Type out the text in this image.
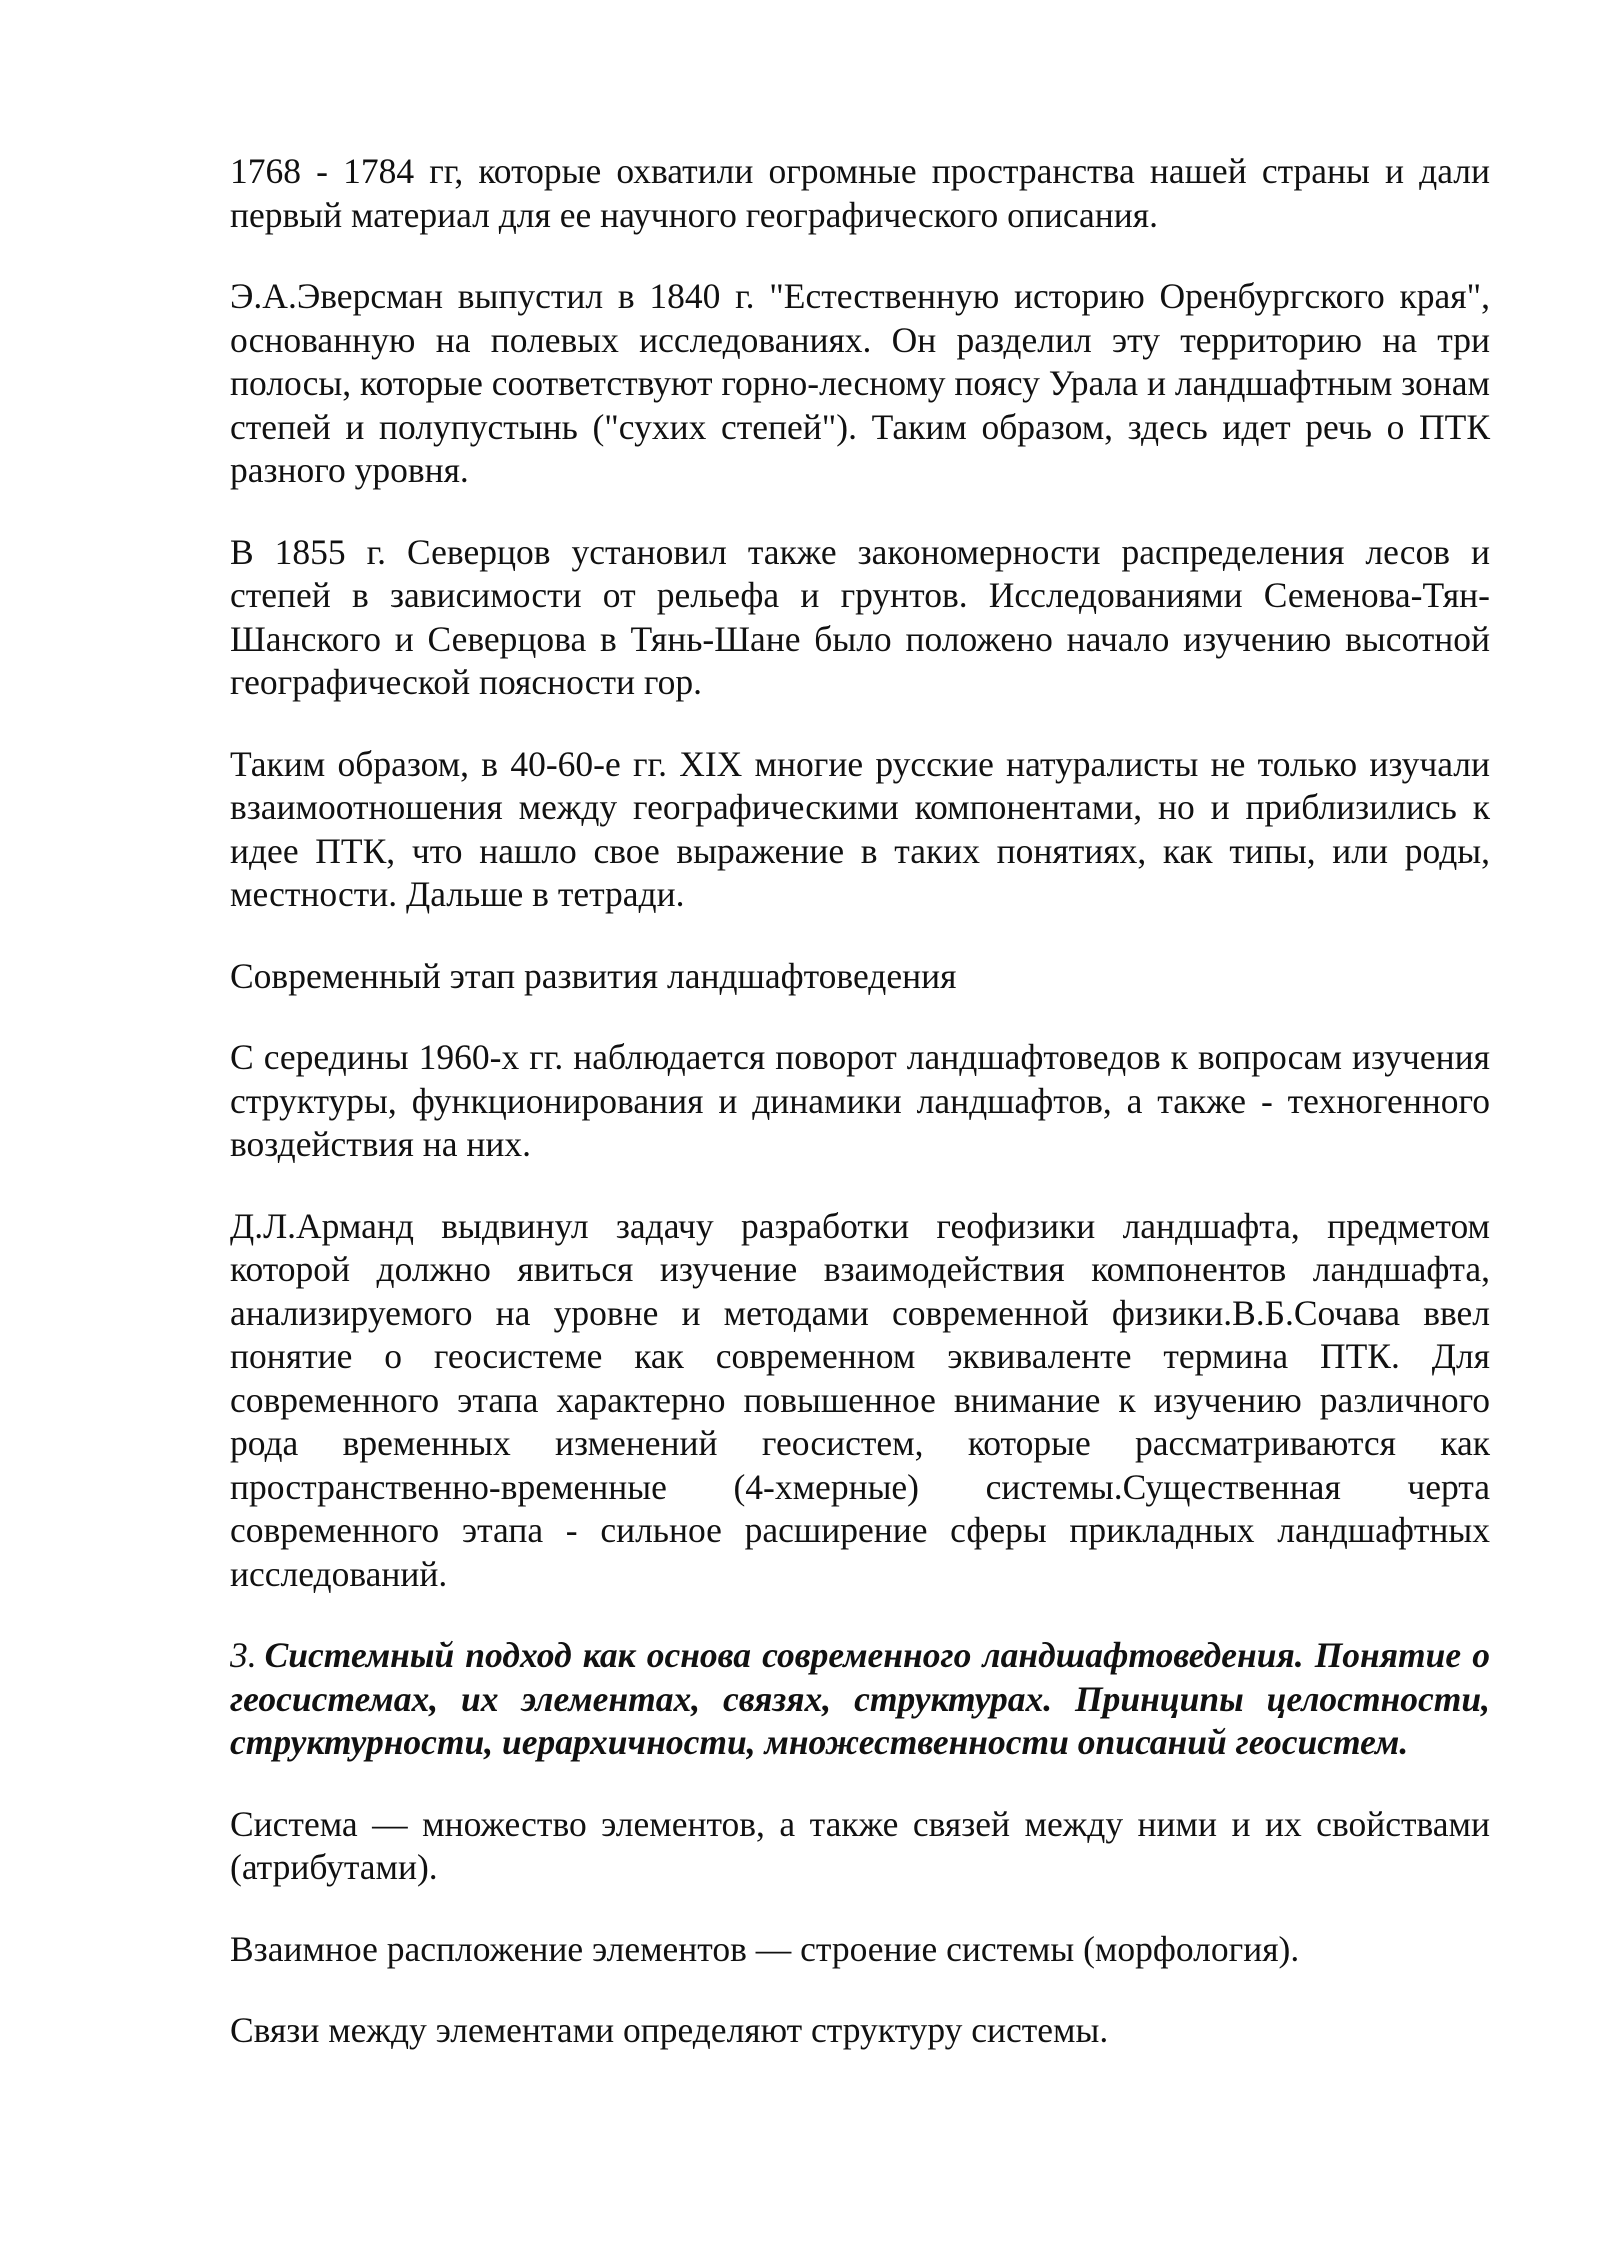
1768 - 1784 гг, которые охватили огромные пространства нашей страны и дали первый материал для ее научного географического описания.

Э.А.Эверсман выпустил в 1840 г. "Естественную историю Оренбургского края", основанную на полевых исследованиях. Он разделил эту территорию на три полосы, которые соответствуют горно-лесному поясу Урала и ландшафтным зонам степей и полупустынь ("сухих степей"). Таким образом, здесь идет речь о ПТК разного уровня.

В 1855 г. Северцов установил также закономерности распределения лесов и степей в зависимости от рельефа и грунтов. Исследованиями Семенова-Тян-Шанского и Северцова в Тянь-Шане было положено начало изучению высотной географической поясности гор.

Таким образом, в 40-60-е гг. XIX многие русские натуралисты не только изучали взаимоотношения между географическими компонентами, но и приблизились к идее ПТК, что нашло свое выражение в таких понятиях, как типы, или роды, местности. Дальше в тетради.

Современный этап развития ландшафтоведения

С середины 1960-х гг. наблюдается поворот ландшафтоведов к вопросам изучения структуры, функционирования и динамики ландшафтов, а также - техногенного воздействия на них.

Д.Л.Арманд выдвинул задачу разработки геофизики ландшафта, предметом которой должно явиться изучение взаимодействия компонентов ландшафта, анализируемого на уровне и методами современной физики.В.Б.Сочава ввел понятие о геосистеме как современном эквиваленте термина ПТК. Для современного этапа характерно повышенное внимание к изучению различного рода временных изменений геосистем, которые рассматриваются как пространственно-временные (4-хмерные) системы.Существенная черта современного этапа - сильное расширение сферы прикладных ландшафтных исследований.

3. Системный подход как основа современного ландшафтоведения. Понятие о геосистемах, их элементах, связях, структурах. Принципы целостности, структурности, иерархичности, множественности описаний геосистем.

Система — множество элементов, а также связей между ними и их свойствами (атрибутами).

Взаимное распложение элементов — строение системы (морфология).

Связи между элементами определяют структуру системы.
